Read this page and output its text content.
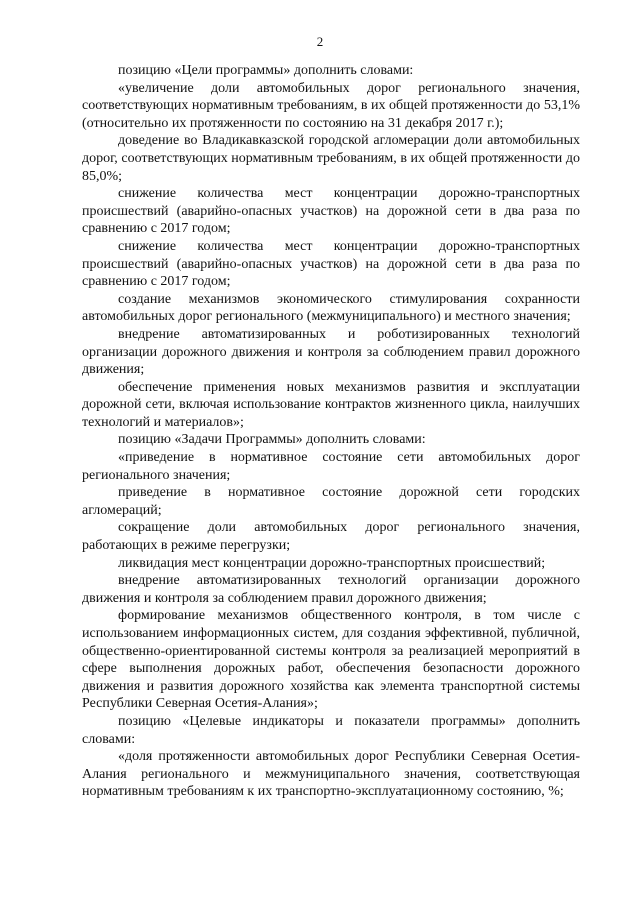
2

позицию «Цели программы» дополнить словами:

«увеличение доли автомобильных дорог регионального значения, соответствующих нормативным требованиям, в их общей протяженности до 53,1% (относительно их протяженности по состоянию на 31 декабря 2017 г.);

доведение во Владикавказской городской агломерации доли автомобильных дорог, соответствующих нормативным требованиям, в их общей протяженности до 85,0%;

снижение количества мест концентрации дорожно-транспортных происшествий (аварийно-опасных участков) на дорожной сети в два раза по сравнению с 2017 годом;

снижение количества мест концентрации дорожно-транспортных происшествий (аварийно-опасных участков) на дорожной сети в два раза по сравнению с 2017 годом;

создание механизмов экономического стимулирования сохранности автомобильных дорог регионального (межмуниципального) и местного значения;

внедрение автоматизированных и роботизированных технологий организации дорожного движения и контроля за соблюдением правил дорожного движения;

обеспечение применения новых механизмов развития и эксплуатации дорожной сети, включая использование контрактов жизненного цикла, наилучших технологий и материалов»;

позицию «Задачи Программы» дополнить словами:

«приведение в нормативное состояние сети автомобильных дорог регионального значения;

приведение в нормативное состояние дорожной сети городских агломераций;

сокращение доли автомобильных дорог регионального значения, работающих в режиме перегрузки;

ликвидация мест концентрации дорожно-транспортных происшествий;

внедрение автоматизированных технологий организации дорожного движения и контроля за соблюдением правил дорожного движения;

формирование механизмов общественного контроля, в том числе с использованием информационных систем, для создания эффективной, публичной, общественно-ориентированной системы контроля за реализацией мероприятий в сфере выполнения дорожных работ, обеспечения безопасности дорожного движения и развития дорожного хозяйства как элемента транспортной системы Республики Северная Осетия-Алания»;

позицию «Целевые индикаторы и показатели программы» дополнить словами:

«доля протяженности автомобильных дорог Республики Северная Осетия-Алания регионального и межмуниципального значения, соответствующая нормативным требованиям к их транспортно-эксплуатационному состоянию, %;
